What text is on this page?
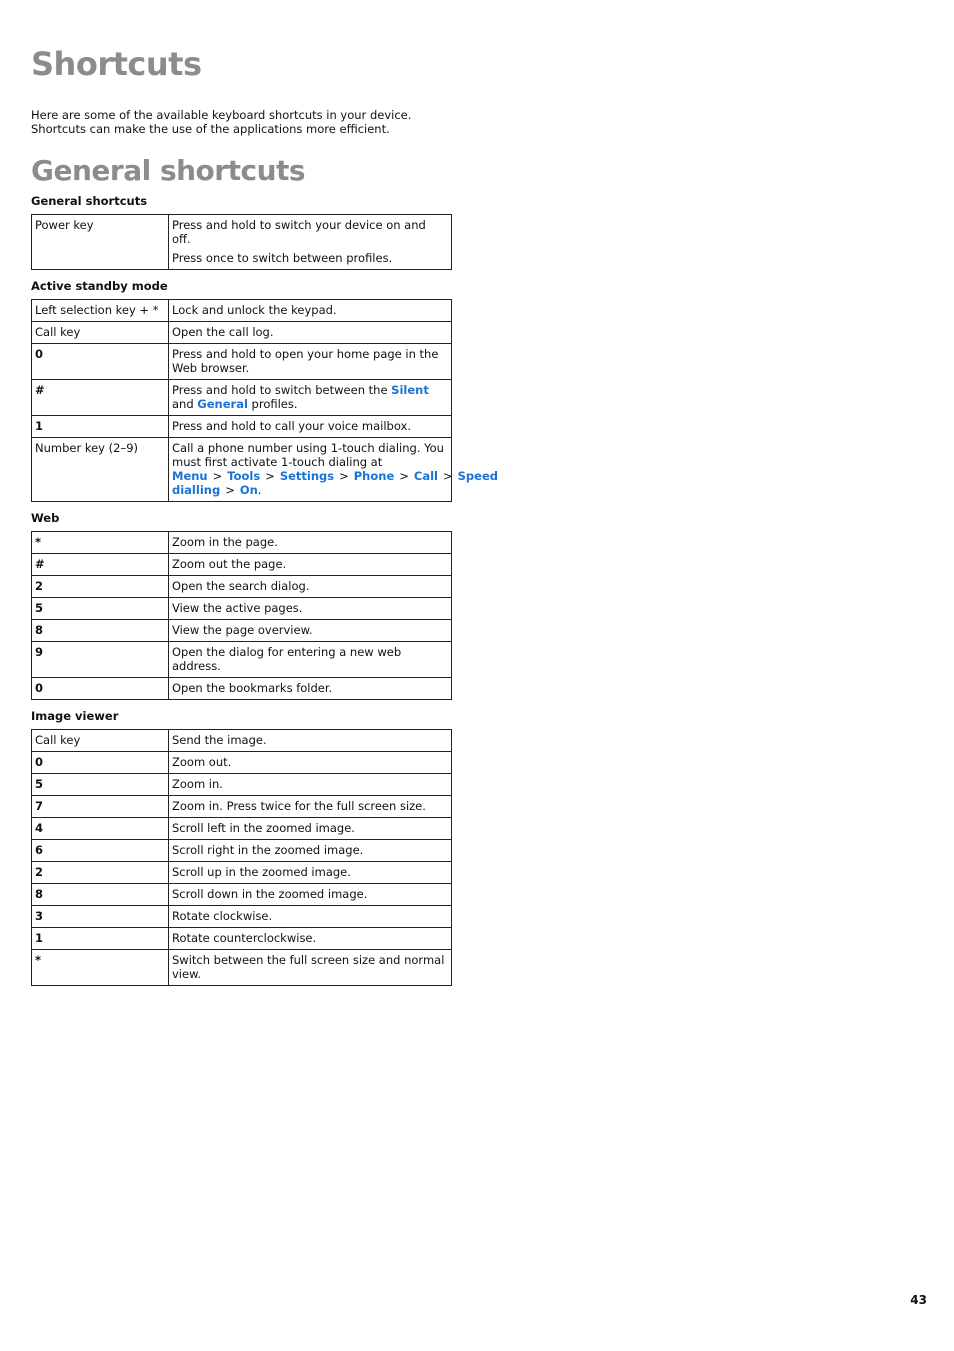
Shortcuts

Here are some of the available keyboard shortcuts in your device. Shortcuts can make the use of the applications more efficient.

General shortcuts
General shortcuts
Power key	Press and hold to switch your device on and off.
Press once to switch between profiles.
Active standby mode
Left selection key + *	Lock and unlock the keypad.

Call key	Open the call log.

0	Press and hold to open your home page in the Web browser.

#	Press and hold to switch between the Silent and General profiles.
1	Press and hold to call your voice mailbox.

Number key (2–9)	Call a phone number using 1-touch dialing. You must first activate 1-touch dialing at Menu > Tools > Settings > Phone > Call > Speed dialling > On.
Web
*	Zoom in the page.

#	Zoom out the page.

2	Open the search dialog.

5	View the active pages.

8	View the page overview.

9	Open the dialog for entering a new web address.

0	Open the bookmarks folder.
Image viewer
Call key	Send the image.

0	Zoom out.

5	Zoom in.

7	Zoom in. Press twice for the full screen size.

4	Scroll left in the zoomed image.

6	Scroll right in the zoomed image.

2	Scroll up in the zoomed image.

8	Scroll down in the zoomed image.

3	Rotate clockwise.

1	Rotate counterclockwise.

*	Switch between the full screen size and normal view.
43
